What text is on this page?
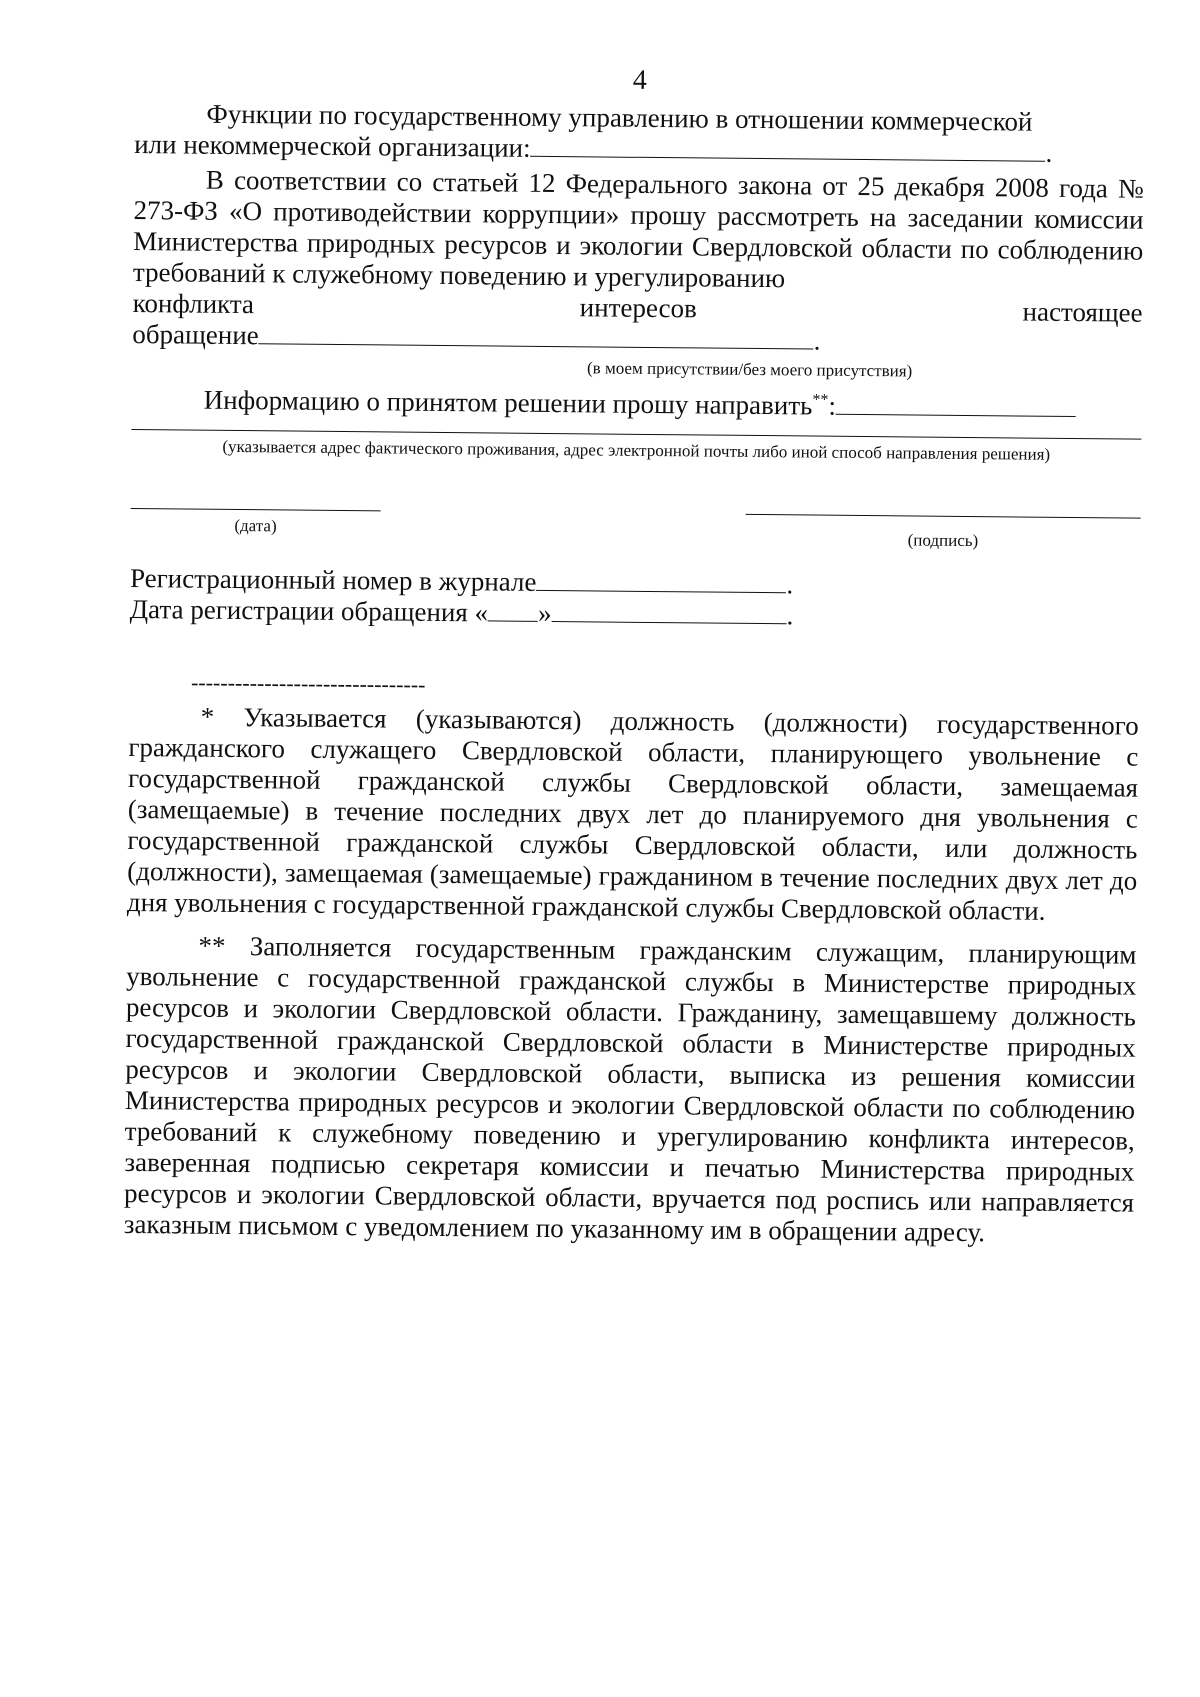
4

Функции по государственному управлению в отношении коммерческой

или некоммерческой организации:	.

В соответствии со статьей 12 Федерального закона от 25 декабря 2008 года № 273-ФЗ «О противодействии коррупции» прошу рассмотреть на заседании комиссии Министерства природных ресурсов и экологии Свердловской области по соблюдению требований к служебному поведению и урегулированию

конфликта	интересов	настоящее

обращение	.

(в моем присутствии/без моего присутствия)

Информацию о принятом решении прошу направить**:

(указывается адрес фактического проживания, адрес электронной почты либо иной способ направления решения)
(дата)
(подпись)

Регистрационный номер в журнале	.

Дата регистрации обращения « »	.

--------------------------------

* Указывается (указываются) должность (должности) государственного гражданского служащего Свердловской области, планирующего увольнение с государственной гражданской службы Свердловской области, замещаемая (замещаемые) в течение последних двух лет до планируемого дня увольнения с государственной гражданской службы Свердловской области, или должность (должности), замещаемая (замещаемые) гражданином в течение последних двух лет до дня увольнения с государственной гражданской службы Свердловской области.

** Заполняется государственным гражданским служащим, планирующим увольнение с государственной гражданской службы в Министерстве природных ресурсов и экологии Свердловской области. Гражданину, замещавшему должность государственной гражданской Свердловской области в Министерстве природных ресурсов и экологии Свердловской области, выписка из решения комиссии Министерства природных ресурсов и экологии Свердловской области по соблюдению требований к служебному поведению и урегулированию конфликта интересов, заверенная подписью секретаря комиссии и печатью Министерства природных ресурсов и экологии Свердловской области, вручается под роспись или направляется заказным письмом с уведомлением по указанному им в обращении адресу.
